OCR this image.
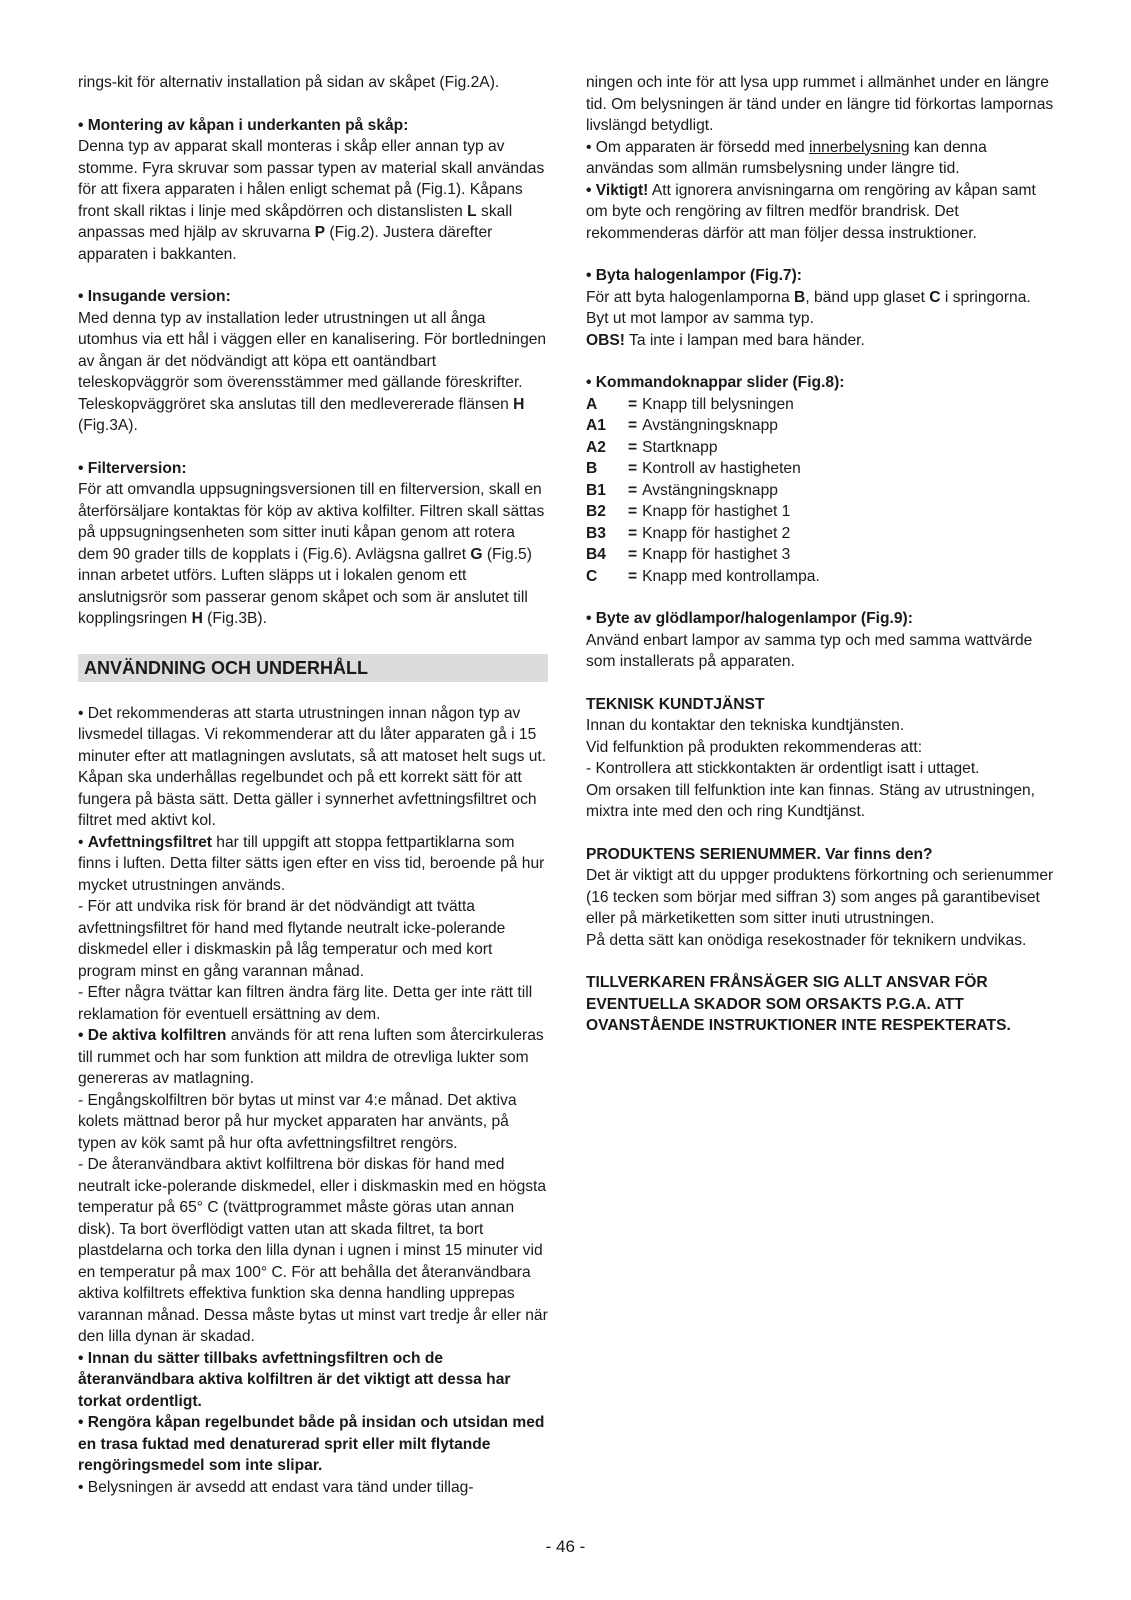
rings-kit för alternativ installation på sidan av skåpet (Fig.2A).

• Montering av kåpan i underkanten på skåp:

Denna typ av apparat skall monteras i skåp eller annan typ av stomme. Fyra skruvar som passar typen av material skall användas för att fixera apparaten i hålen enligt schemat på (Fig.1). Kåpans front skall riktas i linje med skåpdörren och distanslisten L skall anpassas med hjälp av skruvarna P (Fig.2). Justera därefter apparaten i bakkanten.

• Insugande version:

Med denna typ av installation leder utrustningen ut all ånga utomhus via ett hål i väggen eller en kanalisering. För bortledningen av ångan är det nödvändigt att köpa ett oantändbart teleskopväggrör som överensstämmer med gällande föreskrifter. Teleskopväggröret ska anslutas till den medlevererade flänsen H (Fig.3A).

• Filterversion:

För att omvandla uppsugningsversionen till en filterversion, skall en återförsäljare kontaktas för köp av aktiva kolfilter. Filtren skall sättas på uppsugningsenheten som sitter inuti kåpan genom att rotera dem 90 grader tills de kopplats i (Fig.6). Avlägsna gallret G (Fig.5) innan arbetet utförs. Luften släpps ut i lokalen genom ett anslutnigsrör som passerar genom skåpet och som är anslutet till kopplingsringen H (Fig.3B).

ANVÄNDNING OCH UNDERHÅLL

• Det rekommenderas att starta utrustningen innan någon typ av livsmedel tillagas. Vi rekommenderar att du låter apparaten gå i 15 minuter efter att matlagningen avslutats, så att matoset helt sugs ut. Kåpan ska underhållas regelbundet och på ett korrekt sätt för att fungera på bästa sätt. Detta gäller i synnerhet avfettningsfiltret och filtret med aktivt kol.

• Avfettningsfiltret har till uppgift att stoppa fettpartiklarna som finns i luften. Detta filter sätts igen efter en viss tid, beroende på hur mycket utrustningen används.

- För att undvika risk för brand är det nödvändigt att tvätta avfettningsfiltret för hand med flytande neutralt icke-polerande diskmedel eller i diskmaskin på låg temperatur och med kort program minst en gång varannan månad.

- Efter några tvättar kan filtren ändra färg lite. Detta ger inte rätt till reklamation för eventuell ersättning av dem.

• De aktiva kolfiltren används för att rena luften som återcirkuleras till rummet och har som funktion att mildra de otrevliga lukter som genereras av matlagning.

- Engångskolfiltren bör bytas ut minst var 4:e månad. Det aktiva kolets mättnad beror på hur mycket apparaten har använts, på typen av kök samt på hur ofta avfettningsfiltret rengörs.

- De återanvändbara aktivt kolfiltrena bör diskas för hand med neutralt icke-polerande diskmedel, eller i diskmaskin med en högsta temperatur på 65° C (tvättprogrammet måste göras utan annan disk). Ta bort överflödigt vatten utan att skada filtret, ta bort plastdelarna och torka den lilla dynan i ugnen i minst 15 minuter vid en temperatur på max 100° C. För att behålla det återanvändbara aktiva kolfiltrets effektiva funktion ska denna handling upprepas varannan månad. Dessa måste bytas ut minst vart tredje år eller när den lilla dynan är skadad.

• Innan du sätter tillbaks avfettningsfiltren och de återanvändbara aktiva kolfiltren är det viktigt att dessa har torkat ordentligt.

• Rengöra kåpan regelbundet både på insidan och utsidan med en trasa fuktad med denaturerad sprit eller milt flytande rengöringsmedel som inte slipar.

• Belysningen är avsedd att endast vara tänd under tillag-

ningen och inte för att lysa upp rummet i allmänhet under en längre tid. Om belysningen är tänd under en längre tid förkortas lampornas livslängd betydligt.

• Om apparaten är försedd med innerbelysning kan denna användas som allmän rumsbelysning under längre tid.

• Viktigt! Att ignorera anvisningarna om rengöring av kåpan samt om byte och rengöring av filtren medför brandrisk. Det rekommenderas därför att man följer dessa instruktioner.

• Byta halogenlampor (Fig.7):

För att byta halogenlamporna B, bänd upp glaset C i springorna.

Byt ut mot lampor av samma typ.

OBS! Ta inte i lampan med bara händer.

• Kommandoknappar slider (Fig.8):

A	= Knapp till belysningen
A1	= Avstängningsknapp
A2	= Startknapp
B	= Kontroll av hastigheten
B1	= Avstängningsknapp
B2	= Knapp för hastighet 1
B3	= Knapp för hastighet 2
B4	= Knapp för hastighet 3
C	= Knapp med kontrollampa.

• Byte av glödlampor/halogenlampor (Fig.9):

Använd enbart lampor av samma typ och med samma wattvärde som installerats på apparaten.

TEKNISK KUNDTJÄNST

Innan du kontaktar den tekniska kundtjänsten.

Vid felfunktion på produkten rekommenderas att:

- Kontrollera att stickkontakten är ordentligt isatt i uttaget.

Om orsaken till felfunktion inte kan finnas. Stäng av utrustningen, mixtra inte med den och ring Kundtjänst.

PRODUKTENS SERIENUMMER. Var finns den?

Det är viktigt att du uppger produktens förkortning och serienummer (16 tecken som börjar med siffran 3) som anges på garantibeviset eller på märketiketten som sitter inuti utrustningen.

På detta sätt kan onödiga resekostnader för teknikern undvikas.

TILLVERKAREN FRÅNSÄGER SIG ALLT ANSVAR FÖR EVENTUELLA SKADOR SOM ORSAKTS P.G.A. ATT OVANSTÅENDE INSTRUKTIONER INTE RESPEKTERATS.

- 46 -
